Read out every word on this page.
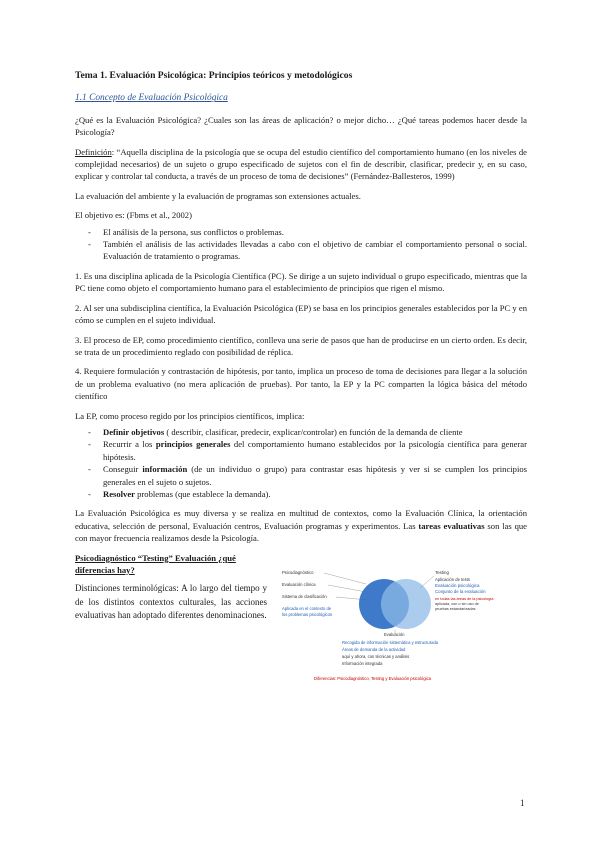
Tema 1. Evaluación Psicológica: Principios teóricos y metodológicos
1.1 Concepto de Evaluación Psicológica

¿Qué es la Evaluación Psicológica? ¿Cuales son las áreas de aplicación? o mejor dicho… ¿Qué tareas podemos hacer desde la Psicología?

Definición: “Aquella disciplina de la psicología que se ocupa del estudio científico del comportamiento humano (en los niveles de complejidad necesarios) de un sujeto o grupo especificado de sujetos con el fin de describir, clasificar, predecir y, en su caso, explicar y controlar tal conducta, a través de un proceso de toma de decisiones” (Fernández-Ballesteros, 1999)

La evaluación del ambiente y la evaluación de programas son extensiones actuales.

El objetivo es: (Fbms et al., 2002)

- El análisis de la persona, sus conflictos o problemas.
- También el análisis de las actividades llevadas a cabo con el objetivo de cambiar el comportamiento personal o social. Evaluación de tratamiento o programas.

1. Es una disciplina aplicada de la Psicología Científica (PC). Se dirige a un sujeto individual o grupo especificado, mientras que la PC tiene como objeto el comportamiento humano para el establecimiento de principios que rigen el mismo.

2. Al ser una subdisciplina científica, la Evaluación Psicológica (EP) se basa en los principios generales establecidos por la PC y en cómo se cumplen en el sujeto individual.

3. El proceso de EP, como procedimiento científico, conlleva una serie de pasos que han de producirse en un cierto orden. Es decir, se trata de un procedimiento reglado con posibilidad de réplica.

4. Requiere formulación y contrastación de hipótesis, por tanto, implica un proceso de toma de decisiones para llegar a la solución de un problema evaluativo (no mera aplicación de pruebas). Por tanto, la EP y la PC comparten la lógica básica del método científico

La EP, como proceso regido por los principios científicos, implica:

- Definir objetivos ( describir, clasificar, predecir, explicar/controlar) en función de la demanda de cliente
- Recurrir a los principios generales del comportamiento humano establecidos por la psicología científica para generar hipótesis.
- Conseguir información (de un individuo o grupo) para contrastar esas hipótesis y ver si se cumplen los principios generales en el sujeto o sujetos.
- Resolver problemas (que establece la demanda).

La Evaluación Psicológica es muy diversa y se realiza en multitud de contextos, como la Evaluación Clínica, la orientación educativa, selección de personal, Evaluación centros, Evaluación programas y experimentos. Las tareas evaluativas son las que con mayor frecuencia realizamos desde la Psicología.

Psicodiagnóstico “Testing” Evaluación ¿qué diferencias hay?

Distinciones terminológicas: A lo largo del tiempo y de los distintos contextos culturales, las acciones evaluativas han adoptado diferentes denominaciones.

Psicodiagnóstico
Evaluación clínica
Sistema de clasificación
Aplicada en el contexto de
los problemas psicológicos
Testing
Aplicación de tests
Evaluación psicológica
Conjunto de la evaluación
en todas las áreas de la psicología
aplicada, con o sin uso de
pruebas estandarizadas
Evaluación
Recogida de información sistemática y estructurada
Áreas de demanda de la actividad
aquí y ahora, con técnicas y análisis
Información integrada
Diferencias: Psicodiagnóstico, Testing y Evaluación psicológica
1
